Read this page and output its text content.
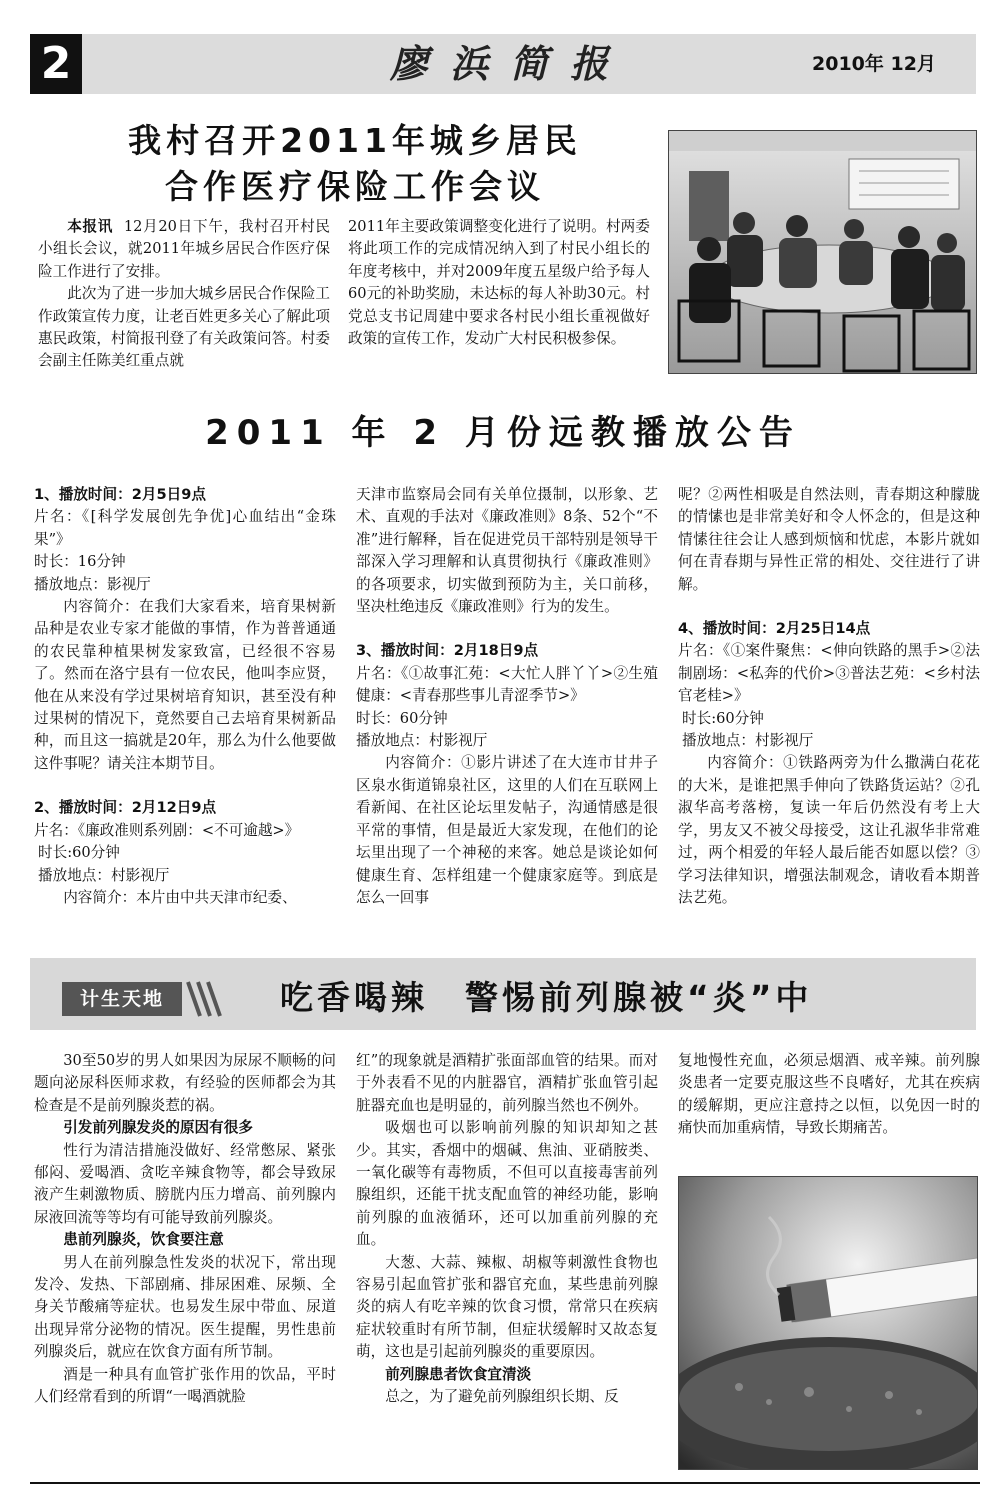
2	廖浜简报	2010年 12月
我村召开2011年城乡居民
合作医疗保险工作会议

本报讯 12月20日下午，我村召开村民小组长会议，就2011年城乡居民合作医疗保险工作进行了安排。

此次为了进一步加大城乡居民合作保险工作政策宣传力度，让老百姓更多关心了解此项惠民政策，村简报刊登了有关政策问答。村委会副主任陈美红重点就

2011年主要政策调整变化进行了说明。村两委将此项工作的完成情况纳入到了村民小组长的年度考核中，并对2009年度五星级户给予每人60元的补助奖励，未达标的每人补助30元。村党总支书记周建中要求各村民小组长重视做好政策的宣传工作，发动广大村民积极参保。

2011 年 2 月份远教播放公告

1、播放时间：2月5日9点

片名：《[科学发展创先争优]心血结出“金珠果”》

时长：16分钟

播放地点：影视厅

内容简介：在我们大家看来，培育果树新品种是农业专家才能做的事情，作为普普通通的农民靠种植果树发家致富，已经很不容易了。然而在洛宁县有一位农民，他叫李应贤，他在从来没有学过果树培育知识，甚至没有种过果树的情况下，竟然要自己去培育果树新品种，而且这一搞就是20年，那么为什么他要做这件事呢？请关注本期节目。

2、播放时间：2月12日9点

片名：《廉政准则系列剧：<不可逾越>》

时长:60分钟

播放地点：村影视厅

内容简介：本片由中共天津市纪委、

天津市监察局会同有关单位摄制，以形象、艺术、直观的手法对《廉政准则》8条、52个“不准”进行解释，旨在促进党员干部特别是领导干部深入学习理解和认真贯彻执行《廉政准则》的各项要求，切实做到预防为主，关口前移，坚决杜绝违反《廉政准则》行为的发生。

3、播放时间：2月18日9点

片名：《①故事汇苑：<大忙人胖丫丫>②生殖健康：<青春那些事儿青涩季节>》

时长：60分钟

播放地点：村影视厅

内容简介：①影片讲述了在大连市甘井子区泉水街道锦泉社区，这里的人们在互联网上看新闻、在社区论坛里发帖子，沟通情感是很平常的事情，但是最近大家发现，在他们的论坛里出现了一个神秘的来客。她总是谈论如何健康生育、怎样组建一个健康家庭等。到底是怎么一回事

呢？②两性相吸是自然法则，青春期这种朦胧的情愫也是非常美好和令人怀念的，但是这种情愫往往会让人感到烦恼和忧虑，本影片就如何在青春期与异性正常的相处、交往进行了讲解。

4、播放时间：2月25日14点

片名：《①案件聚焦：<伸向铁路的黑手>②法制剧场：<私奔的代价>③普法艺苑：<乡村法官老桂>》

时长:60分钟

播放地点：村影视厅

内容简介：①铁路两旁为什么撒满白花花的大米，是谁把黑手伸向了铁路货运站？②孔淑华高考落榜，复读一年后仍然没有考上大学，男友又不被父母接受，这让孔淑华非常难过，两个相爱的年轻人最后能否如愿以偿？③学习法律知识，增强法制观念，请收看本期普法艺苑。

计生天地	吃香喝辣　警惕前列腺被“炎”中

30至50岁的男人如果因为尿尿不顺畅的问题向泌尿科医师求救，有经验的医师都会为其检查是不是前列腺炎惹的祸。

引发前列腺发炎的原因有很多

性行为清洁措施没做好、经常憋尿、紧张郁闷、爱喝酒、贪吃辛辣食物等，都会导致尿液产生刺激物质、膀胱内压力增高、前列腺内尿液回流等等均有可能导致前列腺炎。

患前列腺炎，饮食要注意

男人在前列腺急性发炎的状况下，常出现发冷、发热、下部剧痛、排尿困难、尿频、全身关节酸痛等症状。也易发生尿中带血、尿道出现异常分泌物的情况。医生提醒，男性患前列腺炎后，就应在饮食方面有所节制。

酒是一种具有血管扩张作用的饮品，平时人们经常看到的所谓“一喝酒就脸

红”的现象就是酒精扩张面部血管的结果。而对于外表看不见的内脏器官，酒精扩张血管引起脏器充血也是明显的，前列腺当然也不例外。

吸烟也可以影响前列腺的知识却知之甚少。其实，香烟中的烟碱、焦油、亚硝胺类、一氧化碳等有毒物质，不但可以直接毒害前列腺组织，还能干扰支配血管的神经功能，影响前列腺的血液循环，还可以加重前列腺的充血。

大葱、大蒜、辣椒、胡椒等刺激性食物也容易引起血管扩张和器官充血，某些患前列腺炎的病人有吃辛辣的饮食习惯，常常只在疾病症状较重时有所节制，但症状缓解时又故态复萌，这也是引起前列腺炎的重要原因。

前列腺患者饮食宜清淡

总之，为了避免前列腺组织长期、反

复地慢性充血，必须忌烟酒、戒辛辣。前列腺炎患者一定要克服这些不良嗜好，尤其在疾病的缓解期，更应注意持之以恒，以免因一时的痛快而加重病情，导致长期痛苦。
